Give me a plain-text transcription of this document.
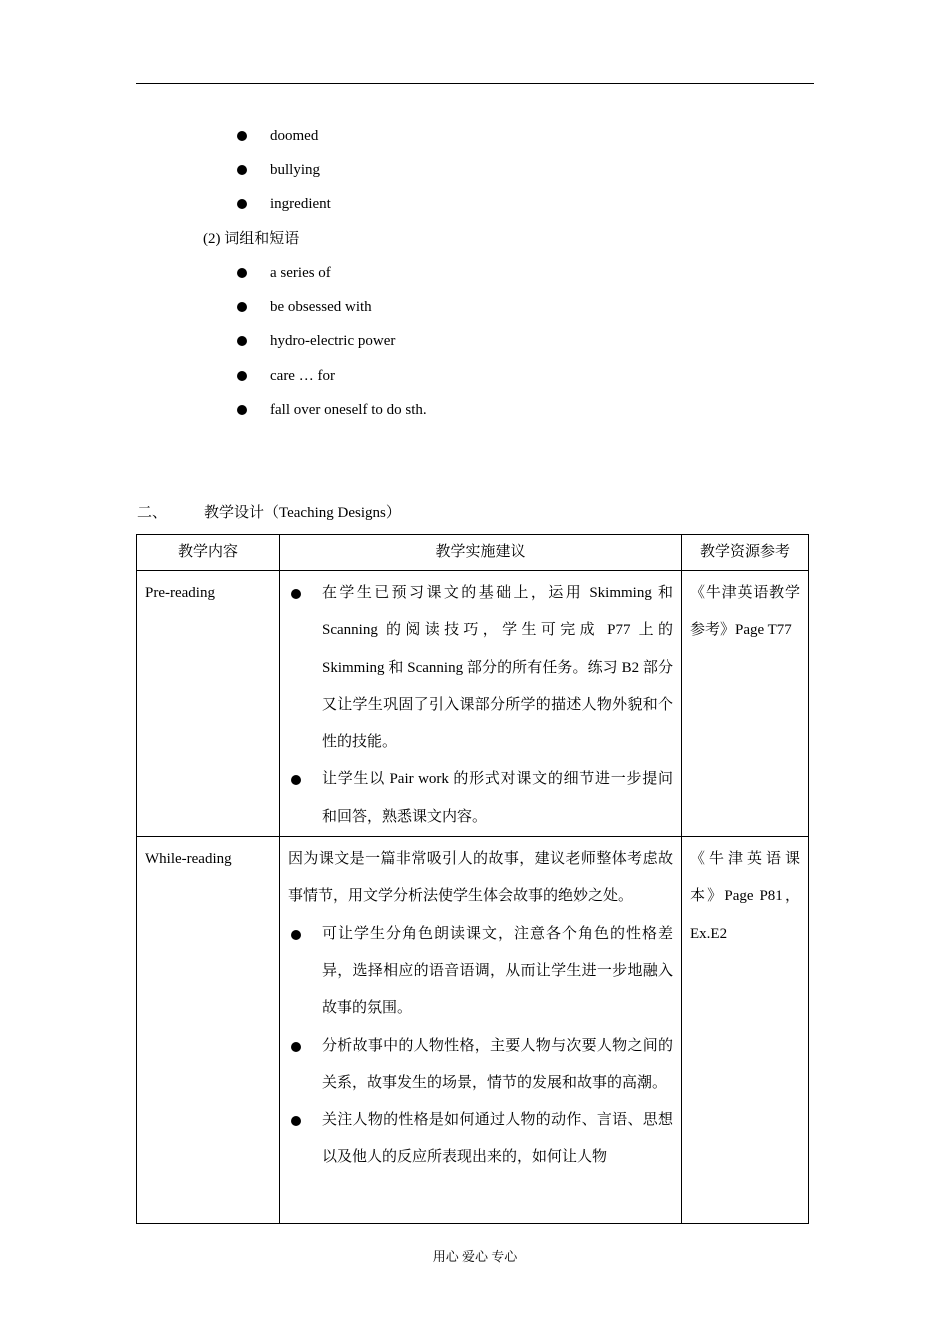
doomed
bullying
ingredient
(2) 词组和短语
a series of
be obsessed with
hydro-electric power
care … for
fall over oneself to do sth.
二、 教学设计（Teaching Designs）
教学内容	教学实施建议	教学资源参考

Pre-reading	在学生已预习课文的基础上，运用 Skimming 和 Scanning 的阅读技巧，学生可完成 P77 上的 Skimming 和 Scanning 部分的所有任务。练习 B2 部分又让学生巩固了引入课部分所学的描述人物外貌和个性的技能。
让学生以 Pair work 的形式对课文的细节进一步提问和回答，熟悉课文内容。	《牛津英语教学参考》Page T77

While-reading	因为课文是一篇非常吸引人的故事，建议老师整体考虑故事情节，用文学分析法使学生体会故事的绝妙之处。
可让学生分角色朗读课文，注意各个角色的性格差异，选择相应的语音语调，从而让学生进一步地融入故事的氛围。
分析故事中的人物性格，主要人物与次要人物之间的关系，故事发生的场景，情节的发展和故事的高潮。
关注人物的性格是如何通过人物的动作、言语、思想以及他人的反应所表现出来的，如何让人物	《牛津英语课本》Page P81，Ex.E2
用心 爱心 专心
